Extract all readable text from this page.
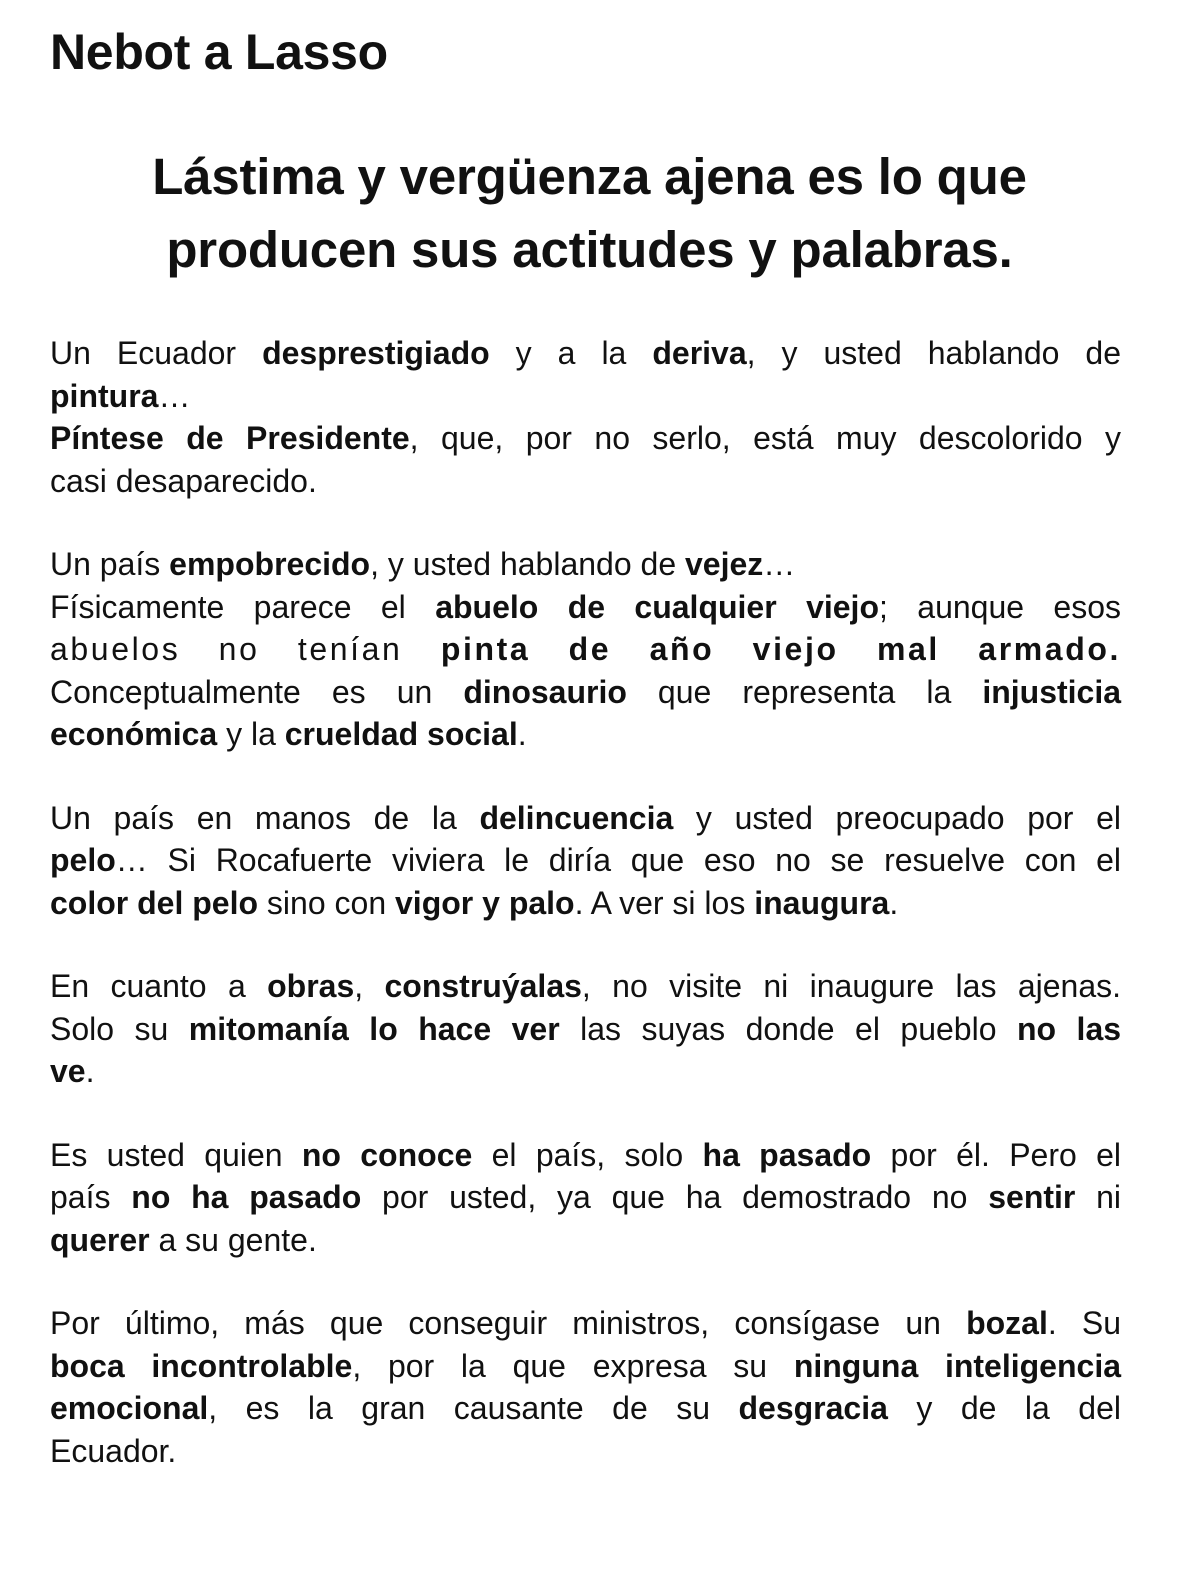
Nebot a Lasso
Lástima y vergüenza ajena es lo que
producen sus actitudes y palabras.

Un Ecuador desprestigiado y a la deriva, y usted hablando de
pintura…
Píntese de Presidente, que, por no serlo, está muy descolorido y
casi desaparecido.

Un país empobrecido, y usted hablando de vejez…
Físicamente parece el abuelo de cualquier viejo; aunque esos
abuelos no tenían pinta de año viejo mal armado.
Conceptualmente es un dinosaurio que representa la injusticia
económica y la crueldad social.

Un país en manos de la delincuencia y usted preocupado por el
pelo… Si Rocafuerte viviera le diría que eso no se resuelve con el
color del pelo sino con vigor y palo. A ver si los inaugura.

En cuanto a obras, construýalas, no visite ni inaugure las ajenas.
Solo su mitomanía lo hace ver las suyas donde el pueblo no las
ve.

Es usted quien no conoce el país, solo ha pasado por él. Pero el
país no ha pasado por usted, ya que ha demostrado no sentir ni
querer a su gente.

Por último, más que conseguir ministros, consígase un bozal. Su
boca incontrolable, por la que expresa su ninguna inteligencia
emocional, es la gran causante de su desgracia y de la del
Ecuador.
